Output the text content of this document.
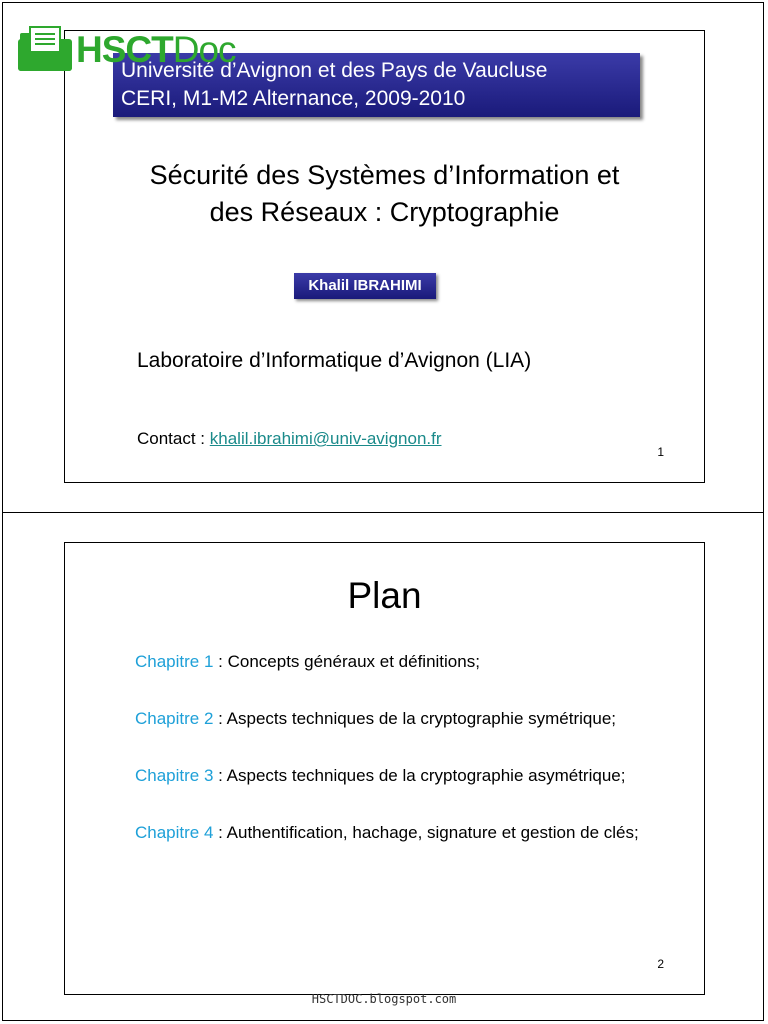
HSCTDoc
Université d’Avignon et des Pays de Vaucluse
CERI, M1-M2 Alternance, 2009-2010
Sécurité des Systèmes d’Information et
des Réseaux : Cryptographie
Khalil IBRAHIMI
Laboratoire d’Informatique d’Avignon (LIA)
Contact : khalil.ibrahimi@univ-avignon.fr
1
Plan
Chapitre 1 : Concepts généraux et définitions;
Chapitre 2 : Aspects techniques de la cryptographie symétrique;
Chapitre 3 : Aspects techniques de la cryptographie asymétrique;
Chapitre 4 : Authentification, hachage, signature et gestion de clés;
2
HSCTDOC.blogspot.com
